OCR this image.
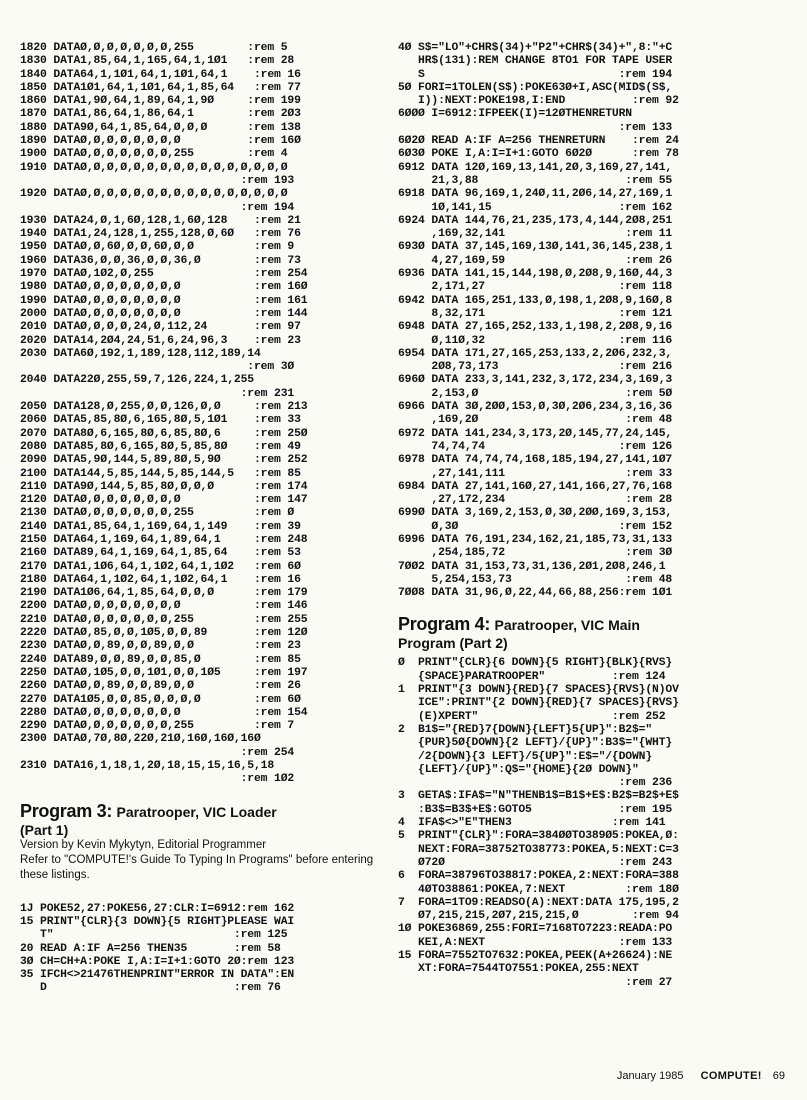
1820 DATAØ,Ø,Ø,Ø,Ø,Ø,Ø,255        :rem 5
1830 DATA1,85,64,1,165,64,1,1Ø1   :rem 28
1840 DATA64,1,1Ø1,64,1,1Ø1,64,1    :rem 16
1850 DATA1Ø1,64,1,1Ø1,64,1,85,64   :rem 77
1860 DATA1,9Ø,64,1,89,64,1,9Ø     :rem 199
1870 DATA1,86,64,1,86,64,1        :rem 2Ø3
1880 DATA9Ø,64,1,85,64,Ø,Ø,Ø      :rem 138
1890 DATAØ,Ø,Ø,Ø,Ø,Ø,Ø,Ø          :rem 16Ø
1900 DATAØ,Ø,Ø,Ø,Ø,Ø,Ø,255        :rem 4
1910 DATAØ,Ø,Ø,Ø,Ø,Ø,Ø,Ø,Ø,Ø,Ø,Ø,Ø,Ø,Ø,Ø
:rem 193
1920 DATAØ,Ø,Ø,Ø,Ø,Ø,Ø,Ø,Ø,Ø,Ø,Ø,Ø,Ø,Ø,Ø
:rem 194
1930 DATA24,Ø,1,6Ø,128,1,6Ø,128    :rem 21
1940 DATA1,24,128,1,255,128,Ø,6Ø   :rem 76
1950 DATAØ,Ø,6Ø,Ø,Ø,6Ø,Ø,Ø         :rem 9
1960 DATA36,Ø,Ø,36,Ø,Ø,36,Ø        :rem 73
1970 DATAØ,1Ø2,Ø,255               :rem 254
1980 DATAØ,Ø,Ø,Ø,Ø,Ø,Ø,Ø           :rem 16Ø
1990 DATAØ,Ø,Ø,Ø,Ø,Ø,Ø,Ø           :rem 161
2000 DATAØ,Ø,Ø,Ø,Ø,Ø,Ø,Ø           :rem 144
2010 DATAØ,Ø,Ø,Ø,24,Ø,112,24       :rem 97
2020 DATA14,2Ø4,24,51,6,24,96,3    :rem 23
2030 DATA6Ø,192,1,189,128,112,189,14
:rem 3Ø
2040 DATA22Ø,255,59,7,126,224,1,255
:rem 231
2050 DATA128,Ø,255,Ø,Ø,126,Ø,Ø     :rem 213
2060 DATA5,85,8Ø,6,165,8Ø,5,1Ø1    :rem 33
2070 DATA8Ø,6,165,8Ø,6,85,8Ø,6     :rem 25Ø
2080 DATA85,8Ø,6,165,8Ø,5,85,8Ø    :rem 49
2090 DATA5,9Ø,144,5,89,8Ø,5,9Ø     :rem 252
2100 DATA144,5,85,144,5,85,144,5   :rem 85
2110 DATA9Ø,144,5,85,8Ø,Ø,Ø,Ø      :rem 174
2120 DATAØ,Ø,Ø,Ø,Ø,Ø,Ø,Ø           :rem 147
2130 DATAØ,Ø,Ø,Ø,Ø,Ø,Ø,255         :rem Ø
2140 DATA1,85,64,1,169,64,1,149    :rem 39
2150 DATA64,1,169,64,1,89,64,1     :rem 248
2160 DATA89,64,1,169,64,1,85,64    :rem 53
2170 DATA1,1Ø6,64,1,1Ø2,64,1,1Ø2   :rem 6Ø
2180 DATA64,1,1Ø2,64,1,1Ø2,64,1    :rem 16
2190 DATA1Ø6,64,1,85,64,Ø,Ø,Ø      :rem 179
2200 DATAØ,Ø,Ø,Ø,Ø,Ø,Ø,Ø           :rem 146
2210 DATAØ,Ø,Ø,Ø,Ø,Ø,Ø,255         :rem 255
2220 DATAØ,85,Ø,Ø,1Ø5,Ø,Ø,89       :rem 12Ø
2230 DATAØ,Ø,89,Ø,Ø,89,Ø,Ø         :rem 23
2240 DATA89,Ø,Ø,89,Ø,Ø,85,Ø        :rem 85
2250 DATAØ,1Ø5,Ø,Ø,1Ø1,Ø,Ø,1Ø5     :rem 197
2260 DATAØ,Ø,89,Ø,Ø,89,Ø,Ø         :rem 26
2270 DATA1Ø5,Ø,Ø,85,Ø,Ø,Ø,Ø        :rem 6Ø
2280 DATAØ,Ø,Ø,Ø,Ø,Ø,Ø,Ø           :rem 154
2290 DATAØ,Ø,Ø,Ø,Ø,Ø,Ø,255         :rem 7
2300 DATAØ,7Ø,8Ø,22Ø,21Ø,16Ø,16Ø,16Ø
:rem 254
2310 DATA16,1,18,1,2Ø,18,15,15,16,5,18
:rem 1Ø2
Program 3: Paratrooper, VIC Loader
(Part 1)
Version by Kevin Mykytyn, Editorial Programmer
Refer to "COMPUTE!'s Guide To Typing In Programs" before entering these listings.
1J POKE52,27:POKE56,27:CLR:I=6912:rem 162
15 PRINT"{CLR}{3 DOWN}{5 RIGHT}PLEASE WAI
T"                           :rem 125
20 READ A:IF A=256 THEN35       :rem 58
3Ø CH=CH+A:POKE I,A:I=I+1:GOTO 2Ø:rem 123
35 IFCH<>21476THENPRINT"ERROR IN DATA":EN
D                            :rem 76
4Ø S$="LO"+CHR$(34)+"P2"+CHR$(34)+",8:"+C
HR$(131):REM CHANGE 8TO1 FOR TAPE USER
S                             :rem 194
5Ø FORI=1TOLEN(S$):POKE63Ø+I,ASC(MID$(S$,
I)):NEXT:POKE198,I:END          :rem 92
6ØØØ I=6912:IFPEEK(I)=12ØTHENRETURN
:rem 133
6Ø2Ø READ A:IF A=256 THENRETURN    :rem 24
6Ø3Ø POKE I,A:I=I+1:GOTO 6Ø2Ø      :rem 78
6912 DATA 12Ø,169,13,141,2Ø,3,169,27,141,
21,3,88                      :rem 55
6918 DATA 96,169,1,24Ø,11,2Ø6,14,27,169,1
1Ø,141,15                   :rem 162
6924 DATA 144,76,21,235,173,4,144,2Ø8,251
,169,32,141                  :rem 11
693Ø DATA 37,145,169,13Ø,141,36,145,238,1
4,27,169,59                  :rem 26
6936 DATA 141,15,144,198,Ø,2Ø8,9,16Ø,44,3
2,171,27                    :rem 118
6942 DATA 165,251,133,Ø,198,1,2Ø8,9,16Ø,8
8,32,171                    :rem 121
6948 DATA 27,165,252,133,1,198,2,2Ø8,9,16
Ø,11Ø,32                    :rem 116
6954 DATA 171,27,165,253,133,2,2Ø6,232,3,
2Ø8,73,173                  :rem 216
696Ø DATA 233,3,141,232,3,172,234,3,169,3
2,153,Ø                      :rem 5Ø
6966 DATA 3Ø,2ØØ,153,Ø,3Ø,2Ø6,234,3,16,36
,169,2Ø                      :rem 48
6972 DATA 141,234,3,173,2Ø,145,77,24,145,
74,74,74                    :rem 126
6978 DATA 74,74,74,168,185,194,27,141,1Ø7
,27,141,111                  :rem 33
6984 DATA 27,141,16Ø,27,141,166,27,76,168
,27,172,234                  :rem 28
699Ø DATA 3,169,2,153,Ø,3Ø,2ØØ,169,3,153,
Ø,3Ø                        :rem 152
6996 DATA 76,191,234,162,21,185,73,31,133
,254,185,72                  :rem 3Ø
7ØØ2 DATA 31,153,73,31,136,2Ø1,2Ø8,246,1
5,254,153,73                 :rem 48
7ØØ8 DATA 31,96,Ø,22,44,66,88,256:rem 1Ø1
Program 4: Paratrooper, VIC Main
Program (Part 2)
Ø  PRINT"{CLR}{6 DOWN}{5 RIGHT}{BLK}{RVS}
{SPACE}PARATROOPER"          :rem 124
1  PRINT"{3 DOWN}{RED}{7 SPACES}{RVS}(N)OV
ICE":PRINT"{2 DOWN}{RED}{7 SPACES}{RVS}
(E)XPERT"                    :rem 252
2  B1$="{RED}7{DOWN}{LEFT}5{UP}":B2$="
{PUR}5Ø{DOWN}{2 LEFT}/{UP}":B3$="{WHT}
/2{DOWN}{3 LEFT}/5{UP}":E$="/{DOWN}
{LEFT}/{UP}":Q$="{HOME}{2Ø DOWN}"
:rem 236
3  GETA$:IFA$="N"THENB1$=B1$+E$:B2$=B2$+E$
:B3$=B3$+E$:GOTO5             :rem 195
4  IFA$<>"E"THEN3               :rem 141
5  PRINT"{CLR}":FORA=384ØØTO389Ø5:POKEA,Ø:
NEXT:FORA=38752TO38773:POKEA,5:NEXT:C=3
Ø72Ø                          :rem 243
6  FORA=38796TO38817:POKEA,2:NEXT:FORA=388
4ØTO38861:POKEA,7:NEXT         :rem 18Ø
7  FORA=1TO9:READSO(A):NEXT:DATA 175,195,2
Ø7,215,215,2Ø7,215,215,Ø        :rem 94
1Ø POKE36869,255:FORI=7168TO7223:READA:PO
KEI,A:NEXT                    :rem 133
15 FORA=7552TO7632:POKEA,PEEK(A+26624):NE
XT:FORA=7544TO7551:POKEA,255:NEXT
:rem 27
January 1985 COMPUTE! 69
